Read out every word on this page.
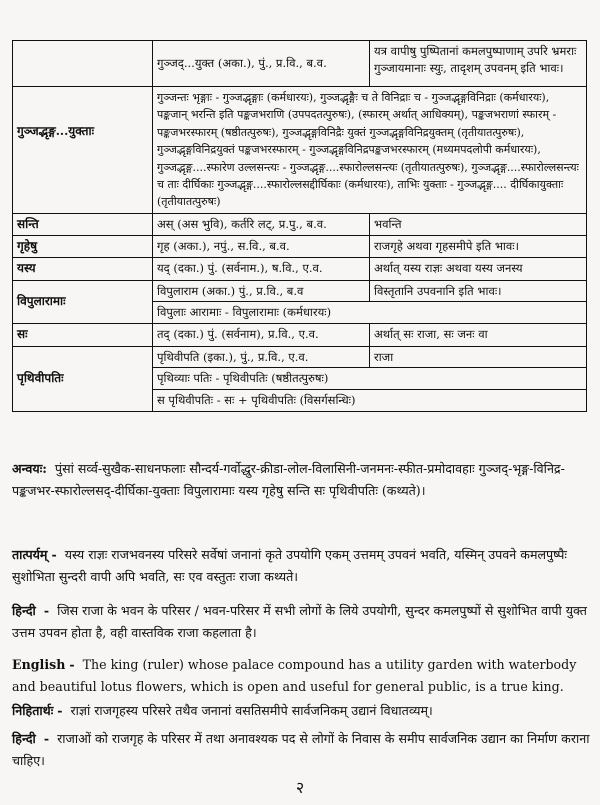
	गुञ्जद्...युक्त (अका.), पुं., प्र.वि., ब.व.	यत्र वापीषु पुष्पितानां कमलपुष्पाणाम् उपरि भ्रमराः गुञ्जायमानाः स्युः, तादृशम् उपवनम् इति भावः।
गुञ्जद्भृङ्ग...युक्ताः	गुञ्जन्तः भृङ्गाः - गुञ्जद्भृङ्गाः (कर्मधारयः), गुञ्जद्भृङ्गैः च ते विनिद्राः च - गुञ्जद्भृङ्गविनिद्राः (कर्मधारयः), पङ्कजान् भरन्ति इति पङ्कजभराणि (उपपदतत्पुरुषः), (स्फारम् अर्थात् आधिक्यम्), पङ्कजभराणां स्फारम् - पङ्कजभरस्फारम् (षष्ठीतत्पुरुषः), गुञ्जद्भृङ्गविनिद्रैः युक्तं गुञ्जद्भृङ्गविनिद्रयुक्तम् (तृतीयातत्पुरुषः), गुञ्जद्भृङ्गविनिद्रयुक्तं पङ्कजभरस्फारम् - गुञ्जद्भृङ्गविनिद्रपङ्कजभरस्फारम् (मध्यमपदलोपी कर्मधारयः), गुञ्जद्भृङ्ग....स्फारेण उल्लसन्त्यः - गुञ्जद्भृङ्ग....स्फारोल्लसन्त्यः (तृतीयातत्पुरुषः), गुञ्जद्भृङ्ग....स्फारोल्लसन्त्यः च ताः दीर्घिकाः गुञ्जद्भृङ्ग....स्फारोल्लसद्दीर्घिकाः (कर्मधारयः), ताभिः युक्ताः - गुञ्जद्भृङ्ग.... दीर्घिकायुक्ताः (तृतीयातत्पुरुषः)	
सन्ति	अस् (अस भुवि), कर्तरि लट्, प्र.पु., ब.व.	भवन्ति
गृहेषु	गृह (अका.), नपुं., स.वि., ब.व.	राजगृहे अथवा गृहसमीपे इति भावः।
यस्य	यद् (दका.) पुं. (सर्वनाम.), ष.वि., ए.व.	अर्थात् यस्य राज्ञः अथवा यस्य जनस्य
विपुलारामाः	विपुलाराम (अका.) पुं., प्र.वि., ब.व	विस्तृतानि उपवनानि इति भावः।
	विपुलाः आरामाः - विपुलारामाः (कर्मधारयः)	
सः	तद् (दका.) पुं. (सर्वनाम), प्र.वि., ए.व.	अर्थात् सः राजा, सः जनः वा
पृथिवीपतिः	पृथिवीपति (इका.), पुं., प्र.वि., ए.व.	राजा
	पृथिव्याः पतिः - पृथिवीपतिः (षष्ठीतत्पुरुषः)	
	स पृथिवीपतिः - सः + पृथिवीपतिः (विसर्गसन्धिः)	
अन्वयः: पुंसां सर्व्व-सुखैक-साधनफलाः सौन्दर्य-गर्वोद्धुर-क्रीडा-लोल-विलासिनी-जनमनः-स्फीत-प्रमोदावहाः गुञ्जद्-भृङ्ग-विनिद्र-पङ्कजभर-स्फारोल्लसद्-दीर्घिका-युक्ताः विपुलारामाः यस्य गृहेषु सन्ति सः पृथिवीपतिः (कथ्यते)।
तात्पर्यम् - यस्य राज्ञः राजभवनस्य परिसरे सर्वेषां जनानां कृते उपयोगि एकम् उत्तमम् उपवनं भवति, यस्मिन् उपवने कमलपुष्पैः सुशोभिता सुन्दरी वापी अपि भवति, सः एव वस्तुतः राजा कथ्यते।
हिन्दी - जिस राजा के भवन के परिसर / भवन-परिसर में सभी लोगों के लिये उपयोगी, सुन्दर कमलपुष्पों से सुशोभित वापी युक्त उत्तम उपवन होता है, वही वास्तविक राजा कहलाता है।
English - The king (ruler) whose palace compound has a utility garden with waterbody and beautiful lotus flowers, which is open and useful for general public, is a true king.
निहितार्थः - राज्ञां राजगृहस्य परिसरे तथैव जनानां वसतिसमीपे सार्वजनिकम् उद्यानं विधातव्यम्।
हिन्दी - राजाओं को राजगृह के परिसर में तथा अनावश्यक पद से लोगों के निवास के समीप सार्वजनिक उद्यान का निर्माण कराना चाहिए।
२
